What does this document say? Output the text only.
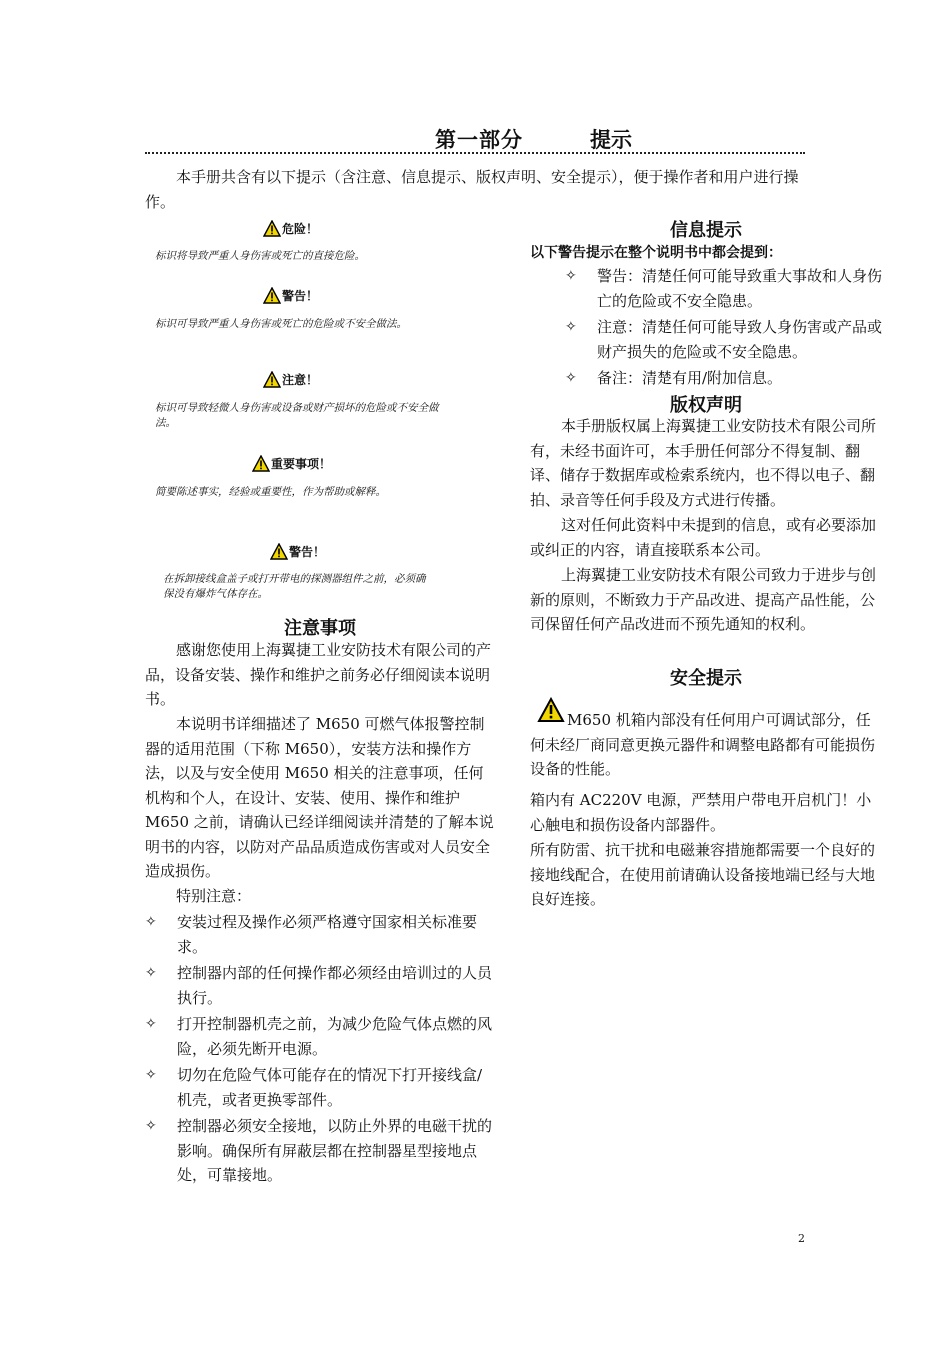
第一部分	提示
本手册共含有以下提示（含注意、信息提示、版权声明、安全提示），便于操作者和用户进行操作。
危险！
标识将导致严重人身伤害或死亡的直接危险。
警告！
标识可导致严重人身伤害或死亡的危险或不安全做法。
注意！
标识可导致轻微人身伤害或设备或财产损坏的危险或不安全做法。
重要事项！
简要陈述事实，经验或重要性，作为帮助或解释。
警告！
在拆卸接线盒盖子或打开带电的探测器组件之前，必须确保没有爆炸气体存在。
注意事项
感谢您使用上海翼捷工业安防技术有限公司的产品，设备安装、操作和维护之前务必仔细阅读本说明书。
本说明书详细描述了 M650 可燃气体报警控制器的适用范围（下称 M650），安装方法和操作方法，以及与安全使用 M650 相关的注意事项，任何机构和个人，在设计、安装、使用、操作和维护 M650 之前，请确认已经详细阅读并清楚的了解本说明书的内容，以防对产品品质造成伤害或对人员安全造成损伤。
特别注意：
✧ 安装过程及操作必须严格遵守国家相关标准要求。
✧ 控制器内部的任何操作都必须经由培训过的人员执行。
✧ 打开控制器机壳之前，为减少危险气体点燃的风险，必须先断开电源。
✧ 切勿在危险气体可能存在的情况下打开接线盒/机壳，或者更换零部件。
✧ 控制器必须安全接地，以防止外界的电磁干扰的影响。确保所有屏蔽层都在控制器星型接地点处，可靠接地。
信息提示
以下警告提示在整个说明书中都会提到：
✧ 警告：清楚任何可能导致重大事故和人身伤亡的危险或不安全隐患。
✧ 注意：清楚任何可能导致人身伤害或产品或财产损失的危险或不安全隐患。
✧ 备注：清楚有用/附加信息。
版权声明
本手册版权属上海翼捷工业安防技术有限公司所有，未经书面许可，本手册任何部分不得复制、翻译、储存于数据库或检索系统内，也不得以电子、翻拍、录音等任何手段及方式进行传播。
这对任何此资料中未提到的信息，或有必要添加或纠正的内容，请直接联系本公司。
上海翼捷工业安防技术有限公司致力于进步与创新的原则，不断致力于产品改进、提高产品性能，公司保留任何产品改进而不预先通知的权利。
安全提示
M650 机箱内部没有任何用户可调试部分，任何未经厂商同意更换元器件和调整电路都有可能损伤设备的性能。
箱内有 AC220V 电源，严禁用户带电开启机门！小心触电和损伤设备内部器件。
所有防雷、抗干扰和电磁兼容措施都需要一个良好的接地线配合，在使用前请确认设备接地端已经与大地良好连接。
2
